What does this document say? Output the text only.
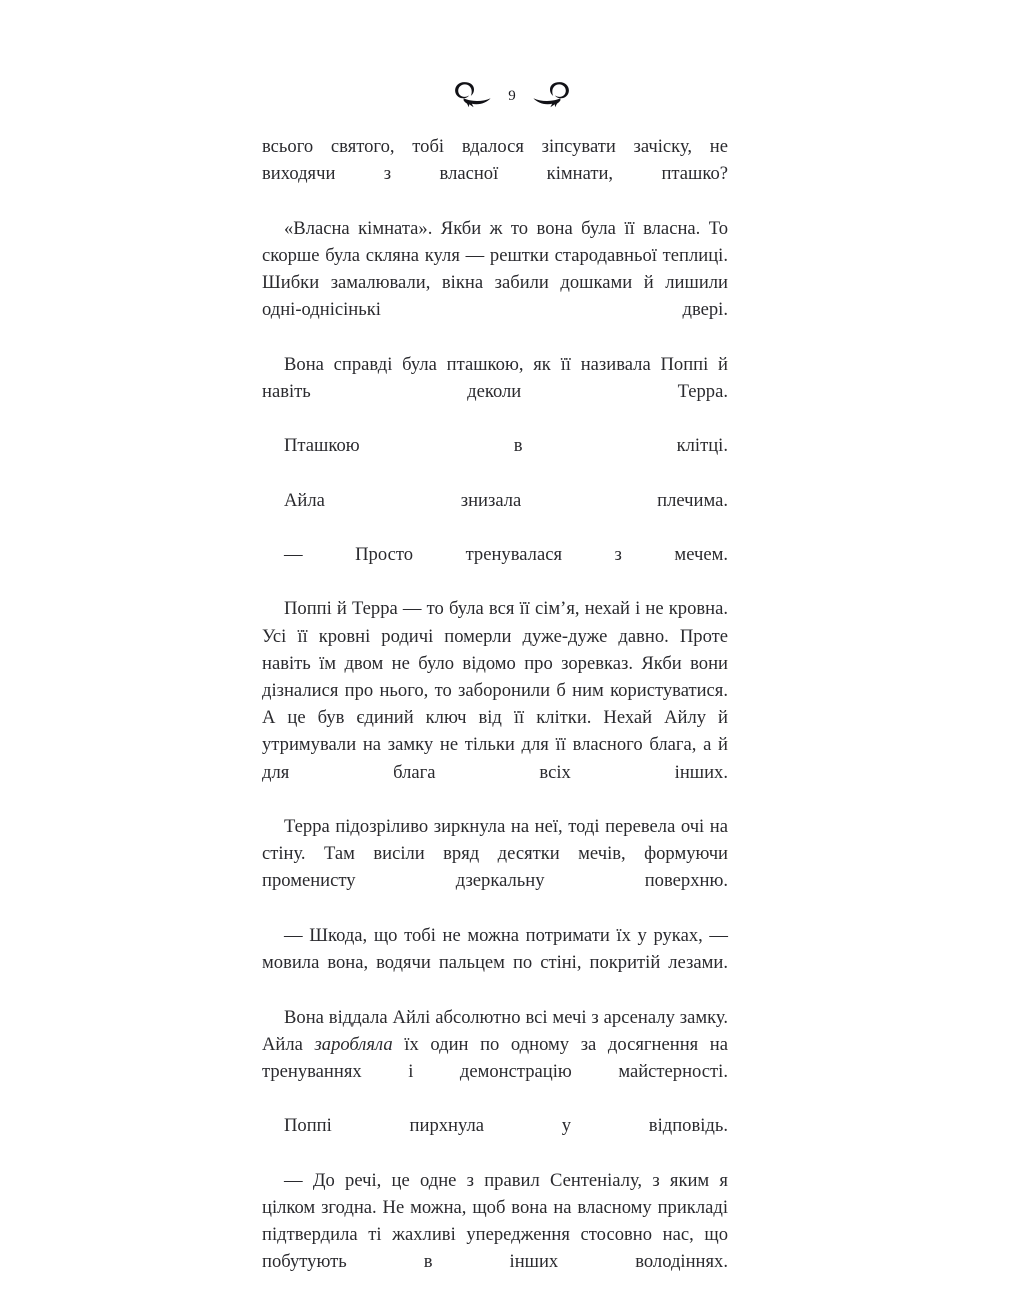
9

всього святого, тобі вдалося зіпсувати зачіску, не виходячи з власної кімнати, пташко?

«Власна кімната». Якби ж то вона була її власна. То скорше була скляна куля — рештки стародавньої теплиці. Шибки замалювали, вікна забили дошками й лишили одні-однісінькі двері.

Вона справді була пташкою, як її називала Поппі й навіть деколи Терра.

Пташкою в клітці.

Айла знизала плечима.

— Просто тренувалася з мечем.

Поппі й Терра — то була вся її сім’я, нехай і не кровна. Усі її кровні родичі померли дуже-дуже давно. Проте навіть їм двом не було відомо про зоревказ. Якби вони дізналися про нього, то заборонили б ним користуватися. А це був єдиний ключ від її клітки. Нехай Айлу й утримували на замку не тільки для її власного блага, а й для блага всіх інших.

Терра підозріливо зиркнула на неї, тоді перевела очі на стіну. Там висіли вряд десятки мечів, формуючи променисту дзеркальну поверхню.

— Шкода, що тобі не можна потримати їх у руках, — мовила вона, водячи пальцем по стіні, покритій лезами.

Вона віддала Айлі абсолютно всі мечі з арсеналу замку. Айла заробляла їх один по одному за досягнення на тренуваннях і демонстрацію майстерності.

Поппі пирхнула у відповідь.

— До речі, це одне з правил Сентеніалу, з яким я цілком згодна. Не можна, щоб вона на власному прикладі підтвердила ті жахливі упередження стосовно нас, що побутують в інших володіннях.
